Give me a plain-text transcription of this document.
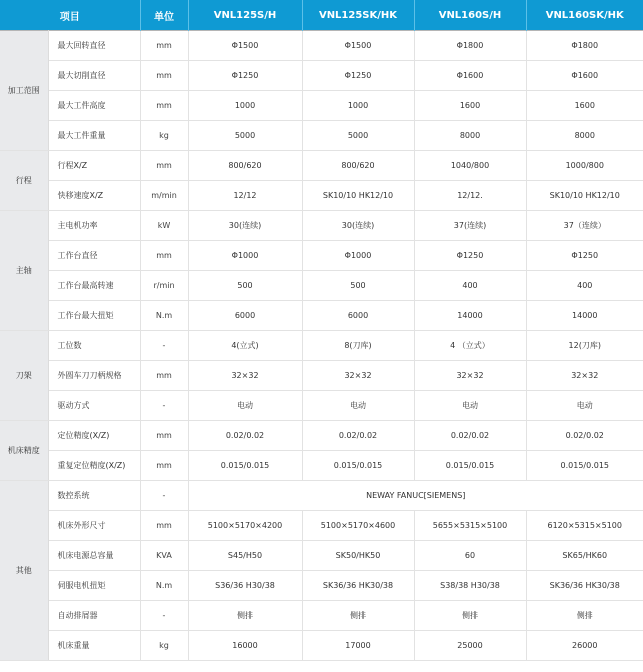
项目		单位	VNL125S/H	VNL125SK/HK	VNL160S/H	VNL160SK/HK
加工范围	最大回转直径	mm	Φ1500	Φ1500	Φ1800	Φ1800
	最大切削直径	mm	Φ1250	Φ1250	Φ1600	Φ1600
	最大工件高度	mm	1000	1000	1600	1600
	最大工件重量	kg	5000	5000	8000	8000
行程	行程X/Z	mm	800/620	800/620	1040/800	1000/800
	快移速度X/Z	m/min	12/12	SK10/10 HK12/10	12/12.	SK10/10 HK12/10
主轴	主电机功率	kW	30(连续)	30(连续)	37(连续)	37（连续）
	工作台直径	mm	Φ1000	Φ1000	Φ1250	Φ1250
	工作台最高转速	r/min	500	500	400	400
	工作台最大扭矩	N.m	6000	6000	14000	14000
刀架	工位数	-	4(立式)	8(刀库)	4 （立式）	12(刀库)
	外圆车刀刀柄规格	mm	32×32	32×32	32×32	32×32
	驱动方式	-	电动	电动	电动	电动
机床精度	定位精度(X/Z)	mm	0.02/0.02	0.02/0.02	0.02/0.02	0.02/0.02
	重复定位精度(X/Z)	mm	0.015/0.015	0.015/0.015	0.015/0.015	0.015/0.015
其他	数控系统	-	NEWAY FANUC[SIEMENS]			
	机床外形尺寸	mm	5100×5170×4200	5100×5170×4600	5655×5315×5100	6120×5315×5100
	机床电源总容量	KVA	S45/H50	SK50/HK50	60	SK65/HK60
	伺服电机扭矩	N.m	S36/36 H30/38	SK36/36 HK30/38	S38/38 H30/38	SK36/36 HK30/38
	自动排屑器	-	侧排	侧排	侧排	侧排
	机床重量	kg	16000	17000	25000	26000
